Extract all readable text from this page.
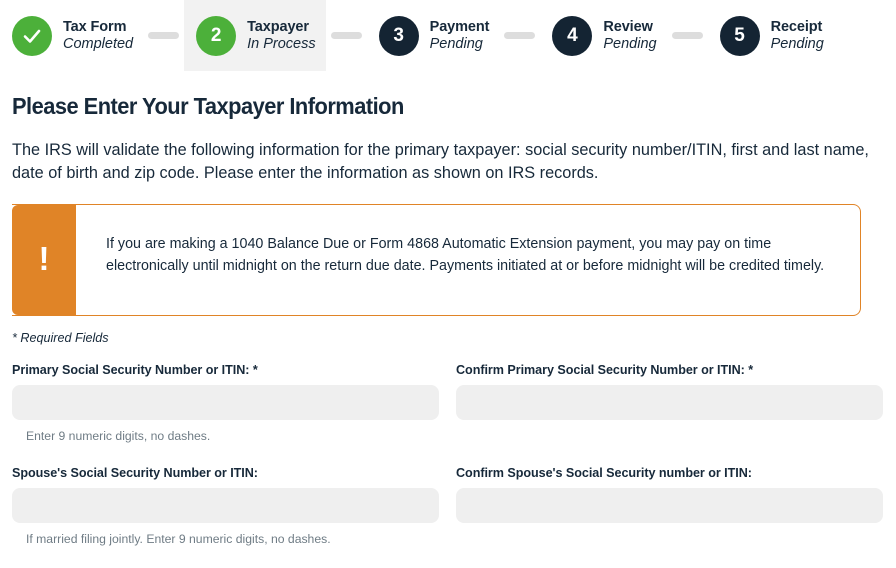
Tax Form
Completed	2	Taxpayer
In Process	3	Payment
Pending	4	Review
Pending	5	Receipt
Pending
Please Enter Your Taxpayer Information

The IRS will validate the following information for the primary taxpayer: social security number/ITIN, first and last name, date of birth and zip code. Please enter the information as shown on IRS records.

!	If you are making a 1040 Balance Due or Form 4868 Automatic Extension payment, you may pay on time electronically until midnight on the return due date. Payments initiated at or before midnight will be credited timely.
* Required Fields
Primary Social Security Number or ITIN: *
Enter 9 numeric digits, no dashes.
Confirm Primary Social Security Number or ITIN: *
Spouse's Social Security Number or ITIN:
If married filing jointly. Enter 9 numeric digits, no dashes.
Confirm Spouse's Social Security number or ITIN:
